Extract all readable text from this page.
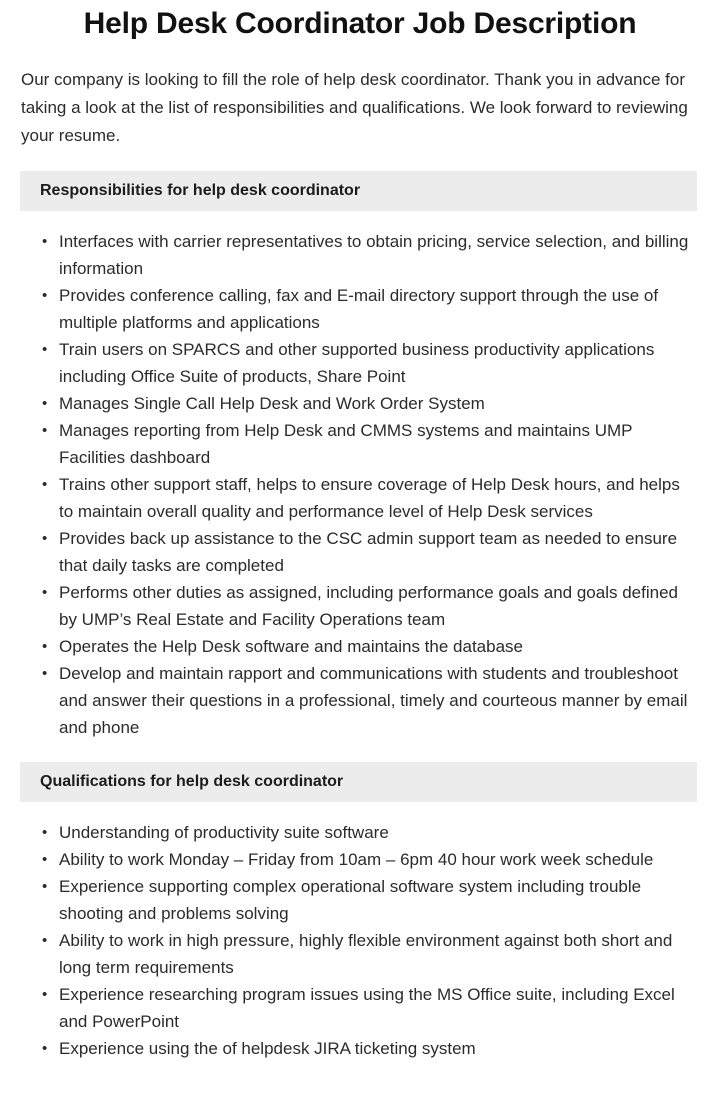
Help Desk Coordinator Job Description

Our company is looking to fill the role of help desk coordinator. Thank you in advance for taking a look at the list of responsibilities and qualifications. We look forward to reviewing your resume.

Responsibilities for help desk coordinator
• Interfaces with carrier representatives to obtain pricing, service selection, and billing information
• Provides conference calling, fax and E-mail directory support through the use of multiple platforms and applications
• Train users on SPARCS and other supported business productivity applications including Office Suite of products, Share Point
• Manages Single Call Help Desk and Work Order System
• Manages reporting from Help Desk and CMMS systems and maintains UMP Facilities dashboard
• Trains other support staff, helps to ensure coverage of Help Desk hours, and helps to maintain overall quality and performance level of Help Desk services
• Provides back up assistance to the CSC admin support team as needed to ensure that daily tasks are completed
• Performs other duties as assigned, including performance goals and goals defined by UMP’s Real Estate and Facility Operations team
• Operates the Help Desk software and maintains the database
• Develop and maintain rapport and communications with students and troubleshoot and answer their questions in a professional, timely and courteous manner by email and phone
Qualifications for help desk coordinator
• Understanding of productivity suite software
• Ability to work Monday – Friday from 10am – 6pm 40 hour work week schedule
• Experience supporting complex operational software system including trouble shooting and problems solving
• Ability to work in high pressure, highly flexible environment against both short and long term requirements
• Experience researching program issues using the MS Office suite, including Excel and PowerPoint
• Experience using the of helpdesk JIRA ticketing system
